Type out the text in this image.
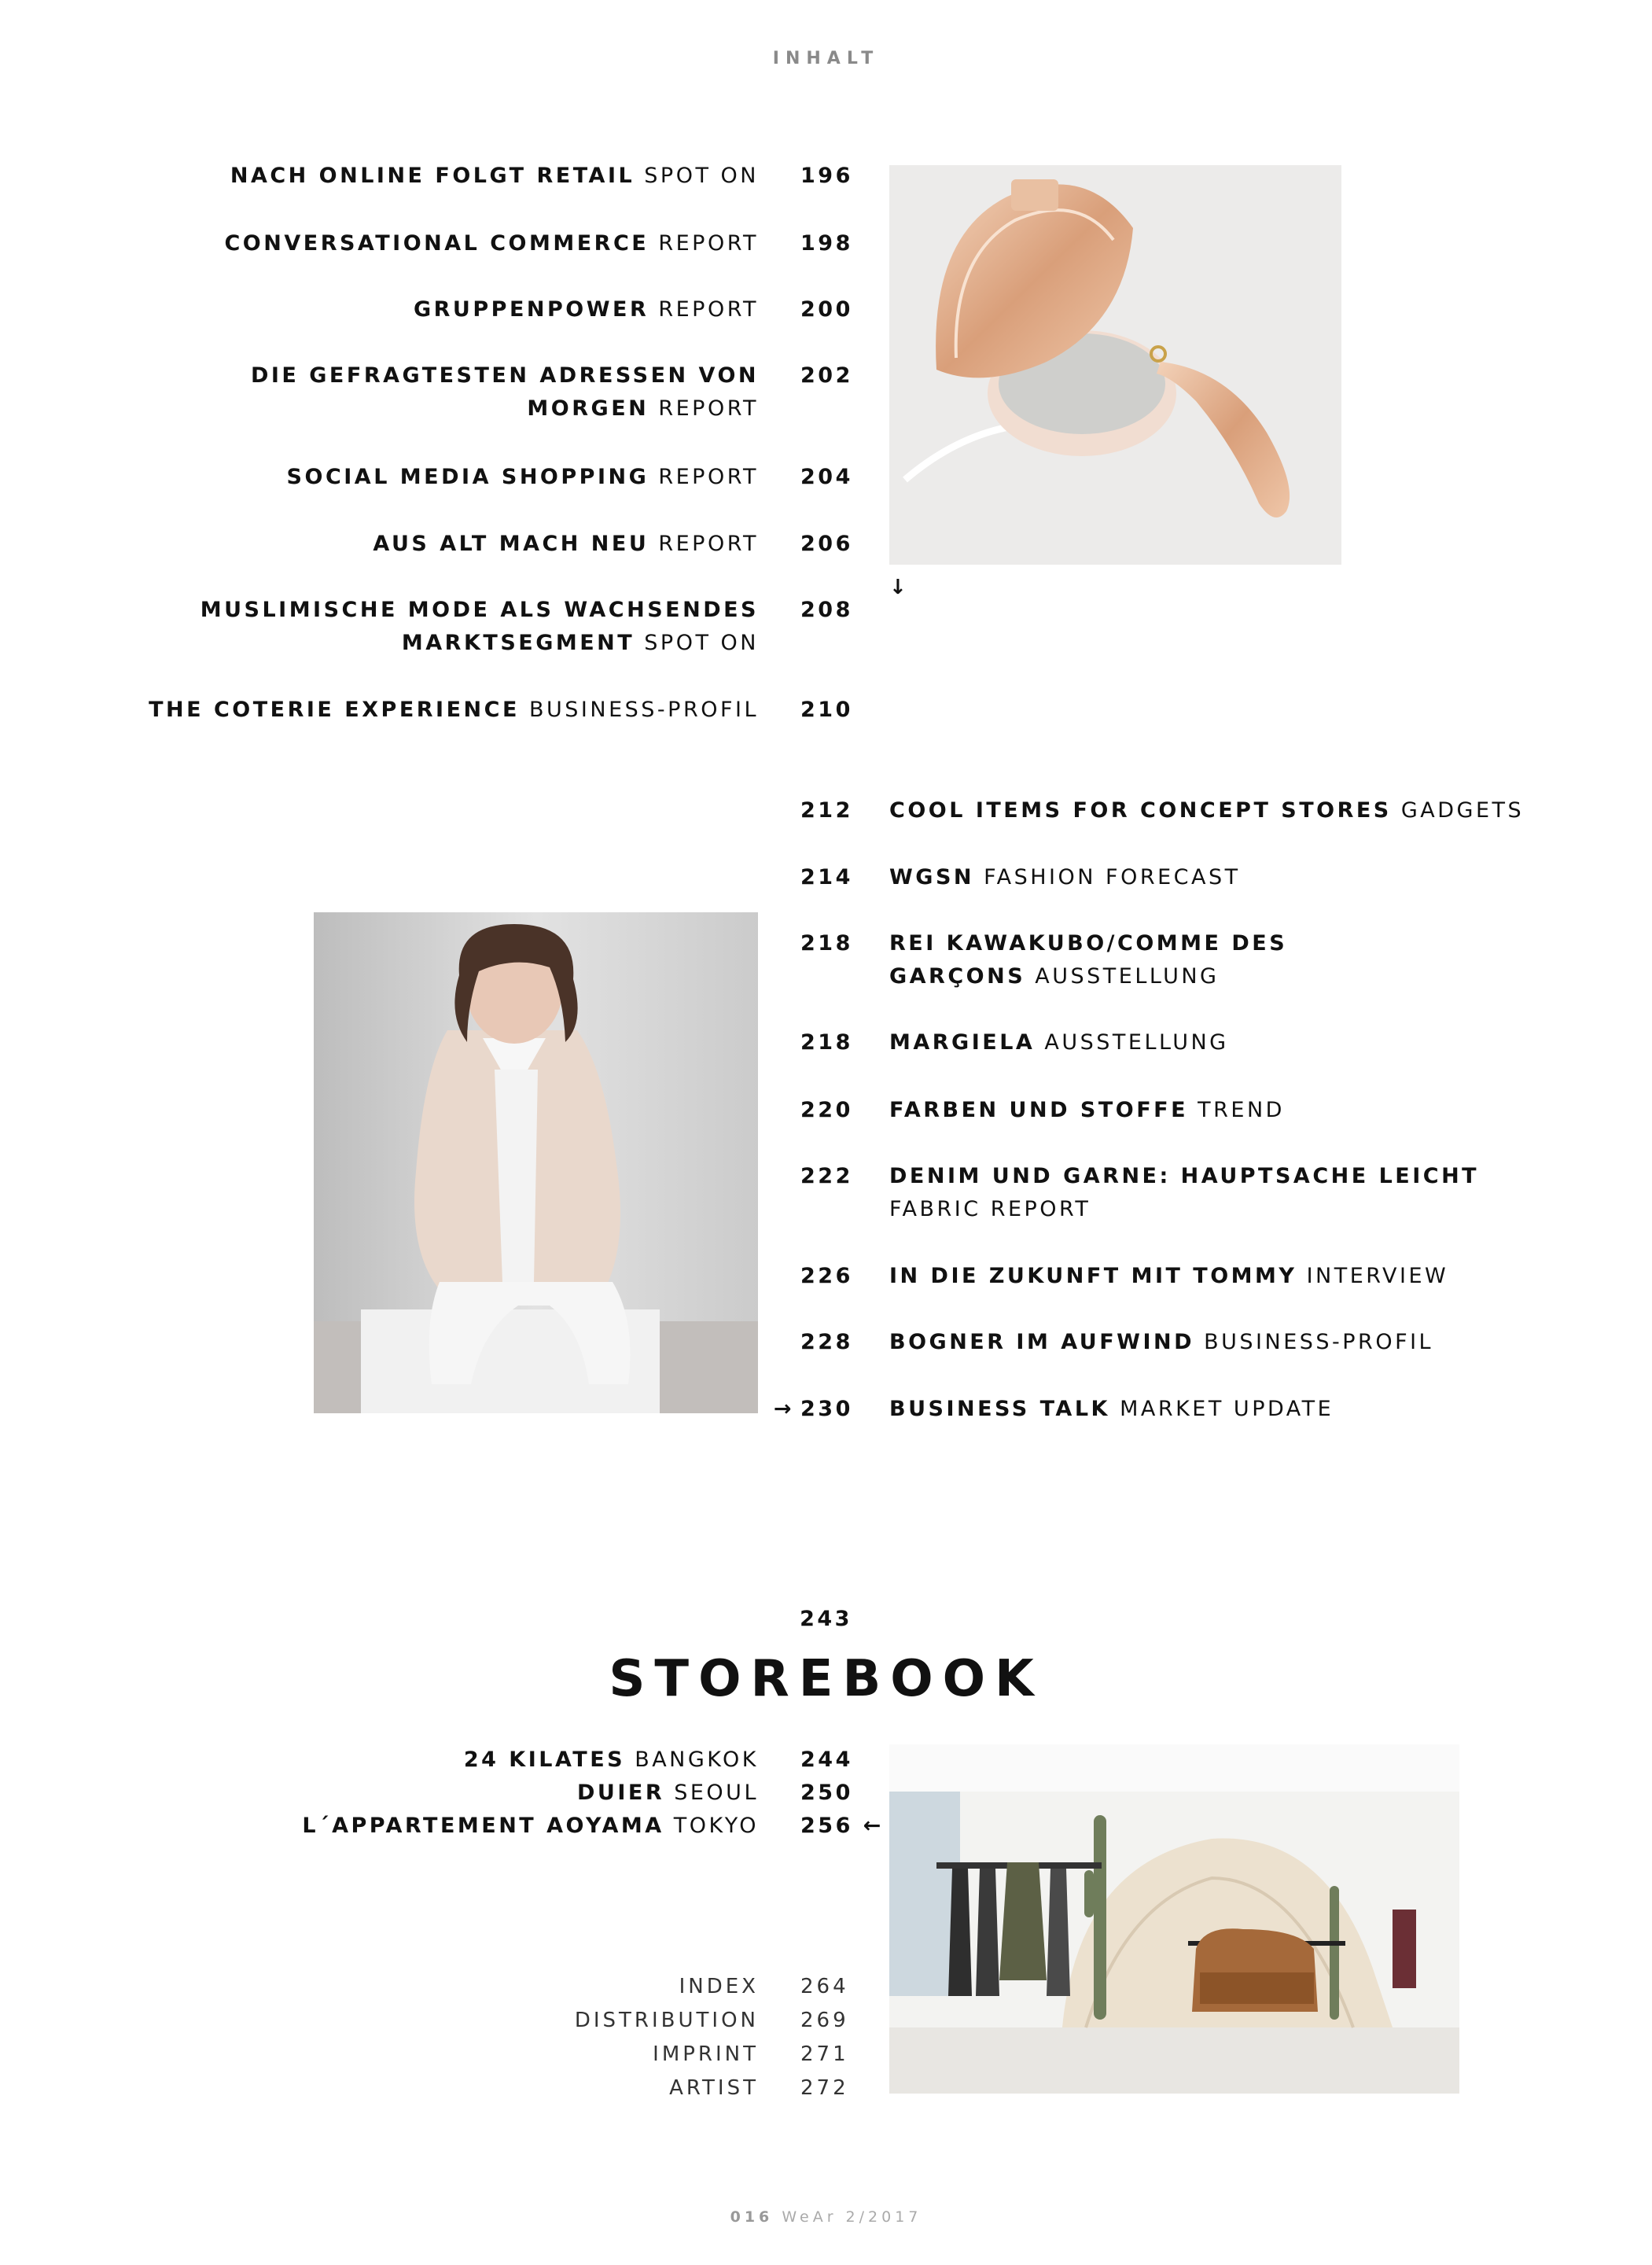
INHALT
NACH ONLINE FOLGT RETAIL SPOT ON 196
CONVERSATIONAL COMMERCE REPORT 198
GRUPPENPOWER REPORT 200
DIE GEFRAGTESTEN ADRESSEN VON
MORGEN REPORT
202
SOCIAL MEDIA SHOPPING REPORT 204
AUS ALT MACH NEU REPORT 206
MUSLIMISCHE MODE ALS WACHSENDES
MARKTSEGMENT SPOT ON
208
THE COTERIE EXPERIENCE BUSINESS-PROFIL 210
↓
212 COOL ITEMS FOR CONCEPT STORES GADGETS
214 WGSN FASHION FORECAST
218 REI KAWAKUBO/COMME DES
GARÇONS AUSSTELLUNG
218 MARGIELA AUSSTELLUNG
220 FARBEN UND STOFFE TREND
222 DENIM UND GARNE: HAUPTSACHE LEICHT
FABRIC REPORT
226 IN DIE ZUKUNFT MIT TOMMY INTERVIEW
228 BOGNER IM AUFWIND BUSINESS-PROFIL
→ 230 BUSINESS TALK MARKET UPDATE
243
STOREBOOK
24 KILATES BANGKOK 244
DUIER SEOUL 250
L´APPARTEMENT AOYAMA TOKYO 256 ←
INDEX 264
DISTRIBUTION 269
IMPRINT 271
ARTIST 272
016 WeAr 2/2017
